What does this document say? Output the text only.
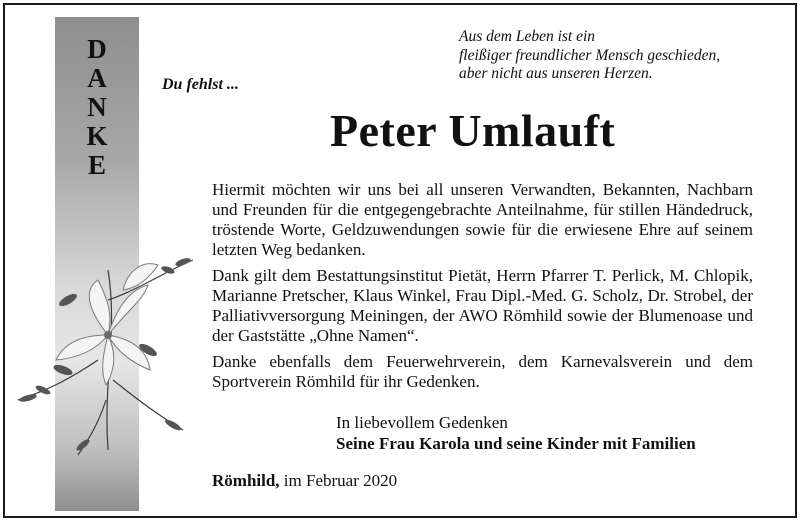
D
A
N
K
E
Aus dem Leben ist ein
fleißiger freundlicher Mensch geschieden,
aber nicht aus unseren Herzen.
Du fehlst ...
Peter Umlauft

Hiermit möchten wir uns bei all unseren Verwandten, Bekannten, Nachbarn und Freunden für die entgegengebrachte Anteilnahme, für stillen Händedruck, tröstende Worte, Geldzuwendungen sowie für die erwiesene Ehre auf seinem letzten Weg bedanken.

Dank gilt dem Bestattungsinstitut Pietät, Herrn Pfarrer T. Perlick, M. Chlopik, Marianne Pretscher, Klaus Winkel, Frau Dipl.-Med. G. Scholz, Dr. Strobel, der Palliativversorgung Meiningen, der AWO Römhild sowie der Blumenoase und der Gaststätte „Ohne Namen“.

Danke ebenfalls dem Feuerwehrverein, dem Karnevalsverein und dem Sportverein Römhild für ihr Gedenken.

In liebevollem Gedenken
Seine Frau Karola und seine Kinder mit Familien
Römhild, im Februar 2020
